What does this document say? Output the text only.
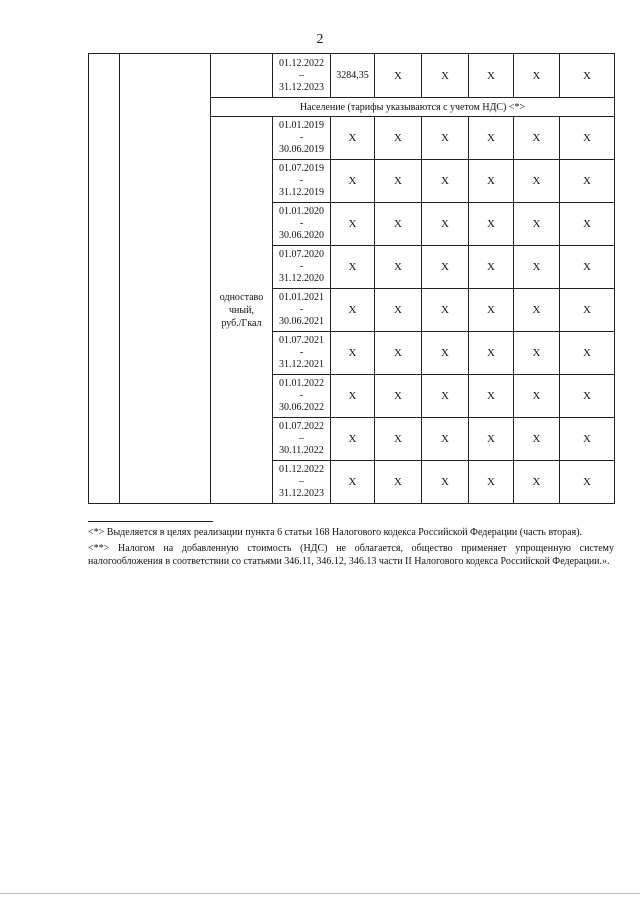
2

			01.12.2022
–
31.12.2023	3284,35	X	X	X	X	X
		Население (тарифы указываются с учетом НДС) <*>							

		одноставо
чный,
руб./Гкал	01.01.2019
-
30.06.2019	X	X	X	X	X	X

			01.07.2019
-
31.12.2019	X	X	X	X	X	X

			01.01.2020
-
30.06.2020	X	X	X	X	X	X

			01.07.2020
-
31.12.2020	X	X	X	X	X	X

			01.01.2021
-
30.06.2021	X	X	X	X	X	X

			01.07.2021
-
31.12.2021	X	X	X	X	X	X

			01.01.2022
-
30.06.2022	X	X	X	X	X	X

			01.07.2022
–
30.11.2022	X	X	X	X	X	X

			01.12.2022
–
31.12.2023	X	X	X	X	X	X

<*> Выделяется в целях реализации пункта 6 статьи 168 Налогового кодекса Российской Федерации (часть вторая).

<**> Налогом на добавленную стоимость (НДС) не облагается, общество применяет упрощенную систему налогообложения в соответствии со статьями 346.11, 346.12, 346.13 части II Налогового кодекса Российской Федерации.».
